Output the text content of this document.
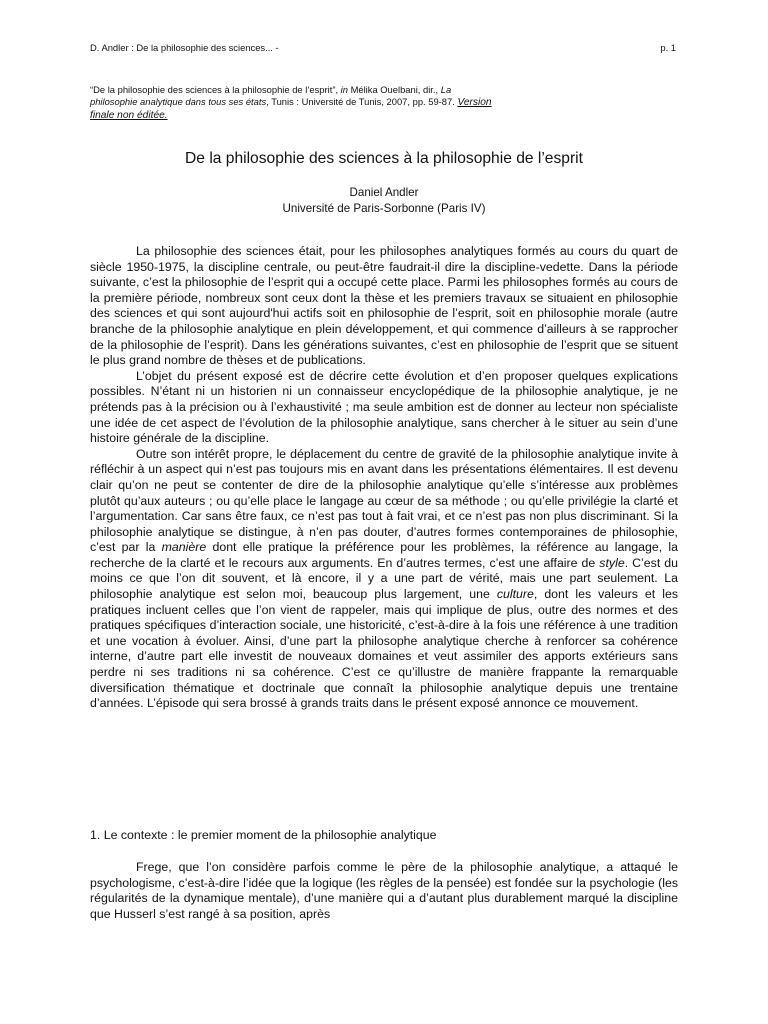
D. Andler : De la philosophie des sciences... -	p. 1
“De la philosophie des sciences à la philosophie de l’esprit”, in Mélika Ouelbani, dir., La philosophie analytique dans tous ses états, Tunis : Université de Tunis, 2007, pp. 59-87. Version finale non éditée.
De la philosophie des sciences à la philosophie de l’esprit
Daniel Andler
Université de Paris-Sorbonne (Paris IV)

La philosophie des sciences était, pour les philosophes analytiques formés au cours du quart de siècle 1950-1975, la discipline centrale, ou peut-être faudrait-il dire la discipline-vedette. Dans la période suivante, c’est la philosophie de l’esprit qui a occupé cette place. Parmi les philosophes formés au cours de la première période, nombreux sont ceux dont la thèse et les premiers travaux se situaient en philosophie des sciences et qui sont aujourd'hui actifs soit en philosophie de l’esprit, soit en philosophie morale (autre branche de la philosophie analytique en plein développement, et qui commence d’ailleurs à se rapprocher de la philosophie de l’esprit). Dans les générations suivantes, c’est en philosophie de l’esprit que se situent le plus grand nombre de thèses et de publications.

L’objet du présent exposé est de décrire cette évolution et d’en proposer quelques explications possibles. N’étant ni un historien ni un connaisseur encyclopédique de la philosophie analytique, je ne prétends pas à la précision ou à l’exhaustivité ; ma seule ambition est de donner au lecteur non spécialiste une idée de cet aspect de l’évolution de la philosophie analytique, sans chercher à le situer au sein d’une histoire générale de la discipline.

Outre son intérêt propre, le déplacement du centre de gravité de la philosophie analytique invite à réfléchir à un aspect qui n’est pas toujours mis en avant dans les présentations élémentaires. Il est devenu clair qu’on ne peut se contenter de dire de la philosophie analytique qu’elle s’intéresse aux problèmes plutôt qu’aux auteurs ; ou qu’elle place le langage au cœur de sa méthode ; ou qu’elle privilégie la clarté et l’argumentation. Car sans être faux, ce n’est pas tout à fait vrai, et ce n’est pas non plus discriminant. Si la philosophie analytique se distingue, à n’en pas douter, d’autres formes contemporaines de philosophie, c’est par la manière dont elle pratique la préférence pour les problèmes, la référence au langage, la recherche de la clarté et le recours aux arguments. En d’autres termes, c’est une affaire de style. C’est du moins ce que l’on dit souvent, et là encore, il y a une part de vérité, mais une part seulement. La philosophie analytique est selon moi, beaucoup plus largement, une culture, dont les valeurs et les pratiques incluent celles que l’on vient de rappeler, mais qui implique de plus, outre des normes et des pratiques spécifiques d’interaction sociale, une historicité, c’est-à-dire à la fois une référence à une tradition et une vocation à évoluer. Ainsi, d’une part la philosophe analytique cherche à renforcer sa cohérence interne, d’autre part elle investit de nouveaux domaines et veut assimiler des apports extérieurs sans perdre ni ses traditions ni sa cohérence. C’est ce qu’illustre de manière frappante la remarquable diversification thématique et doctrinale que connaît la philosophie analytique depuis une trentaine d’années. L’épisode qui sera brossé à grands traits dans le présent exposé annonce ce mouvement.

1. Le contexte : le premier moment de la philosophie analytique

Frege, que l’on considère parfois comme le père de la philosophie analytique, a attaqué le psychologisme, c’est-à-dire l’idée que la logique (les règles de la pensée) est fondée sur la psychologie (les régularités de la dynamique mentale), d’une manière qui a d’autant plus durablement marqué la discipline que Husserl s’est rangé à sa position, après
